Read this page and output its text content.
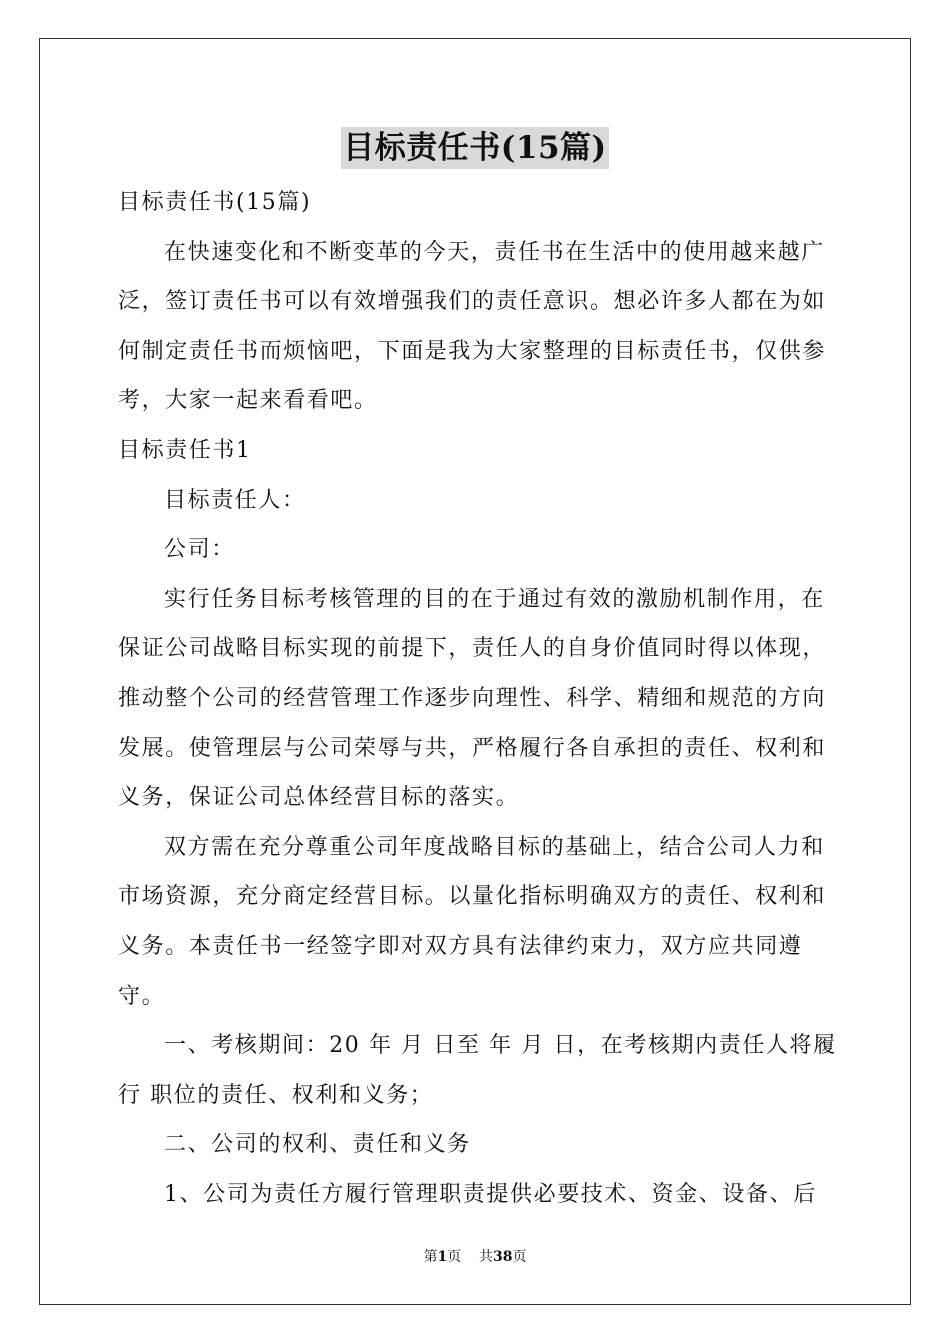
目标责任书(15篇)

目标责任书(15篇)

在快速变化和不断变革的今天，责任书在生活中的使用越来越广泛，签订责任书可以有效增强我们的责任意识。想必许多人都在为如何制定责任书而烦恼吧，下面是我为大家整理的目标责任书，仅供参考，大家一起来看看吧。

目标责任书1

目标责任人：

公司：

实行任务目标考核管理的目的在于通过有效的激励机制作用，在保证公司战略目标实现的前提下，责任人的自身价值同时得以体现，推动整个公司的经营管理工作逐步向理性、科学、精细和规范的方向发展。使管理层与公司荣辱与共，严格履行各自承担的责任、权利和义务，保证公司总体经营目标的落实。

双方需在充分尊重公司年度战略目标的基础上，结合公司人力和市场资源，充分商定经营目标。以量化指标明确双方的责任、权利和义务。本责任书一经签字即对双方具有法律约束力，双方应共同遵守。

一、考核期间：20 年 月 日至 年 月 日，在考核期内责任人将履行 职位的责任、权利和义务；

二、公司的权利、责任和义务

1、公司为责任方履行管理职责提供必要技术、资金、设备、后

第1页 共38页
